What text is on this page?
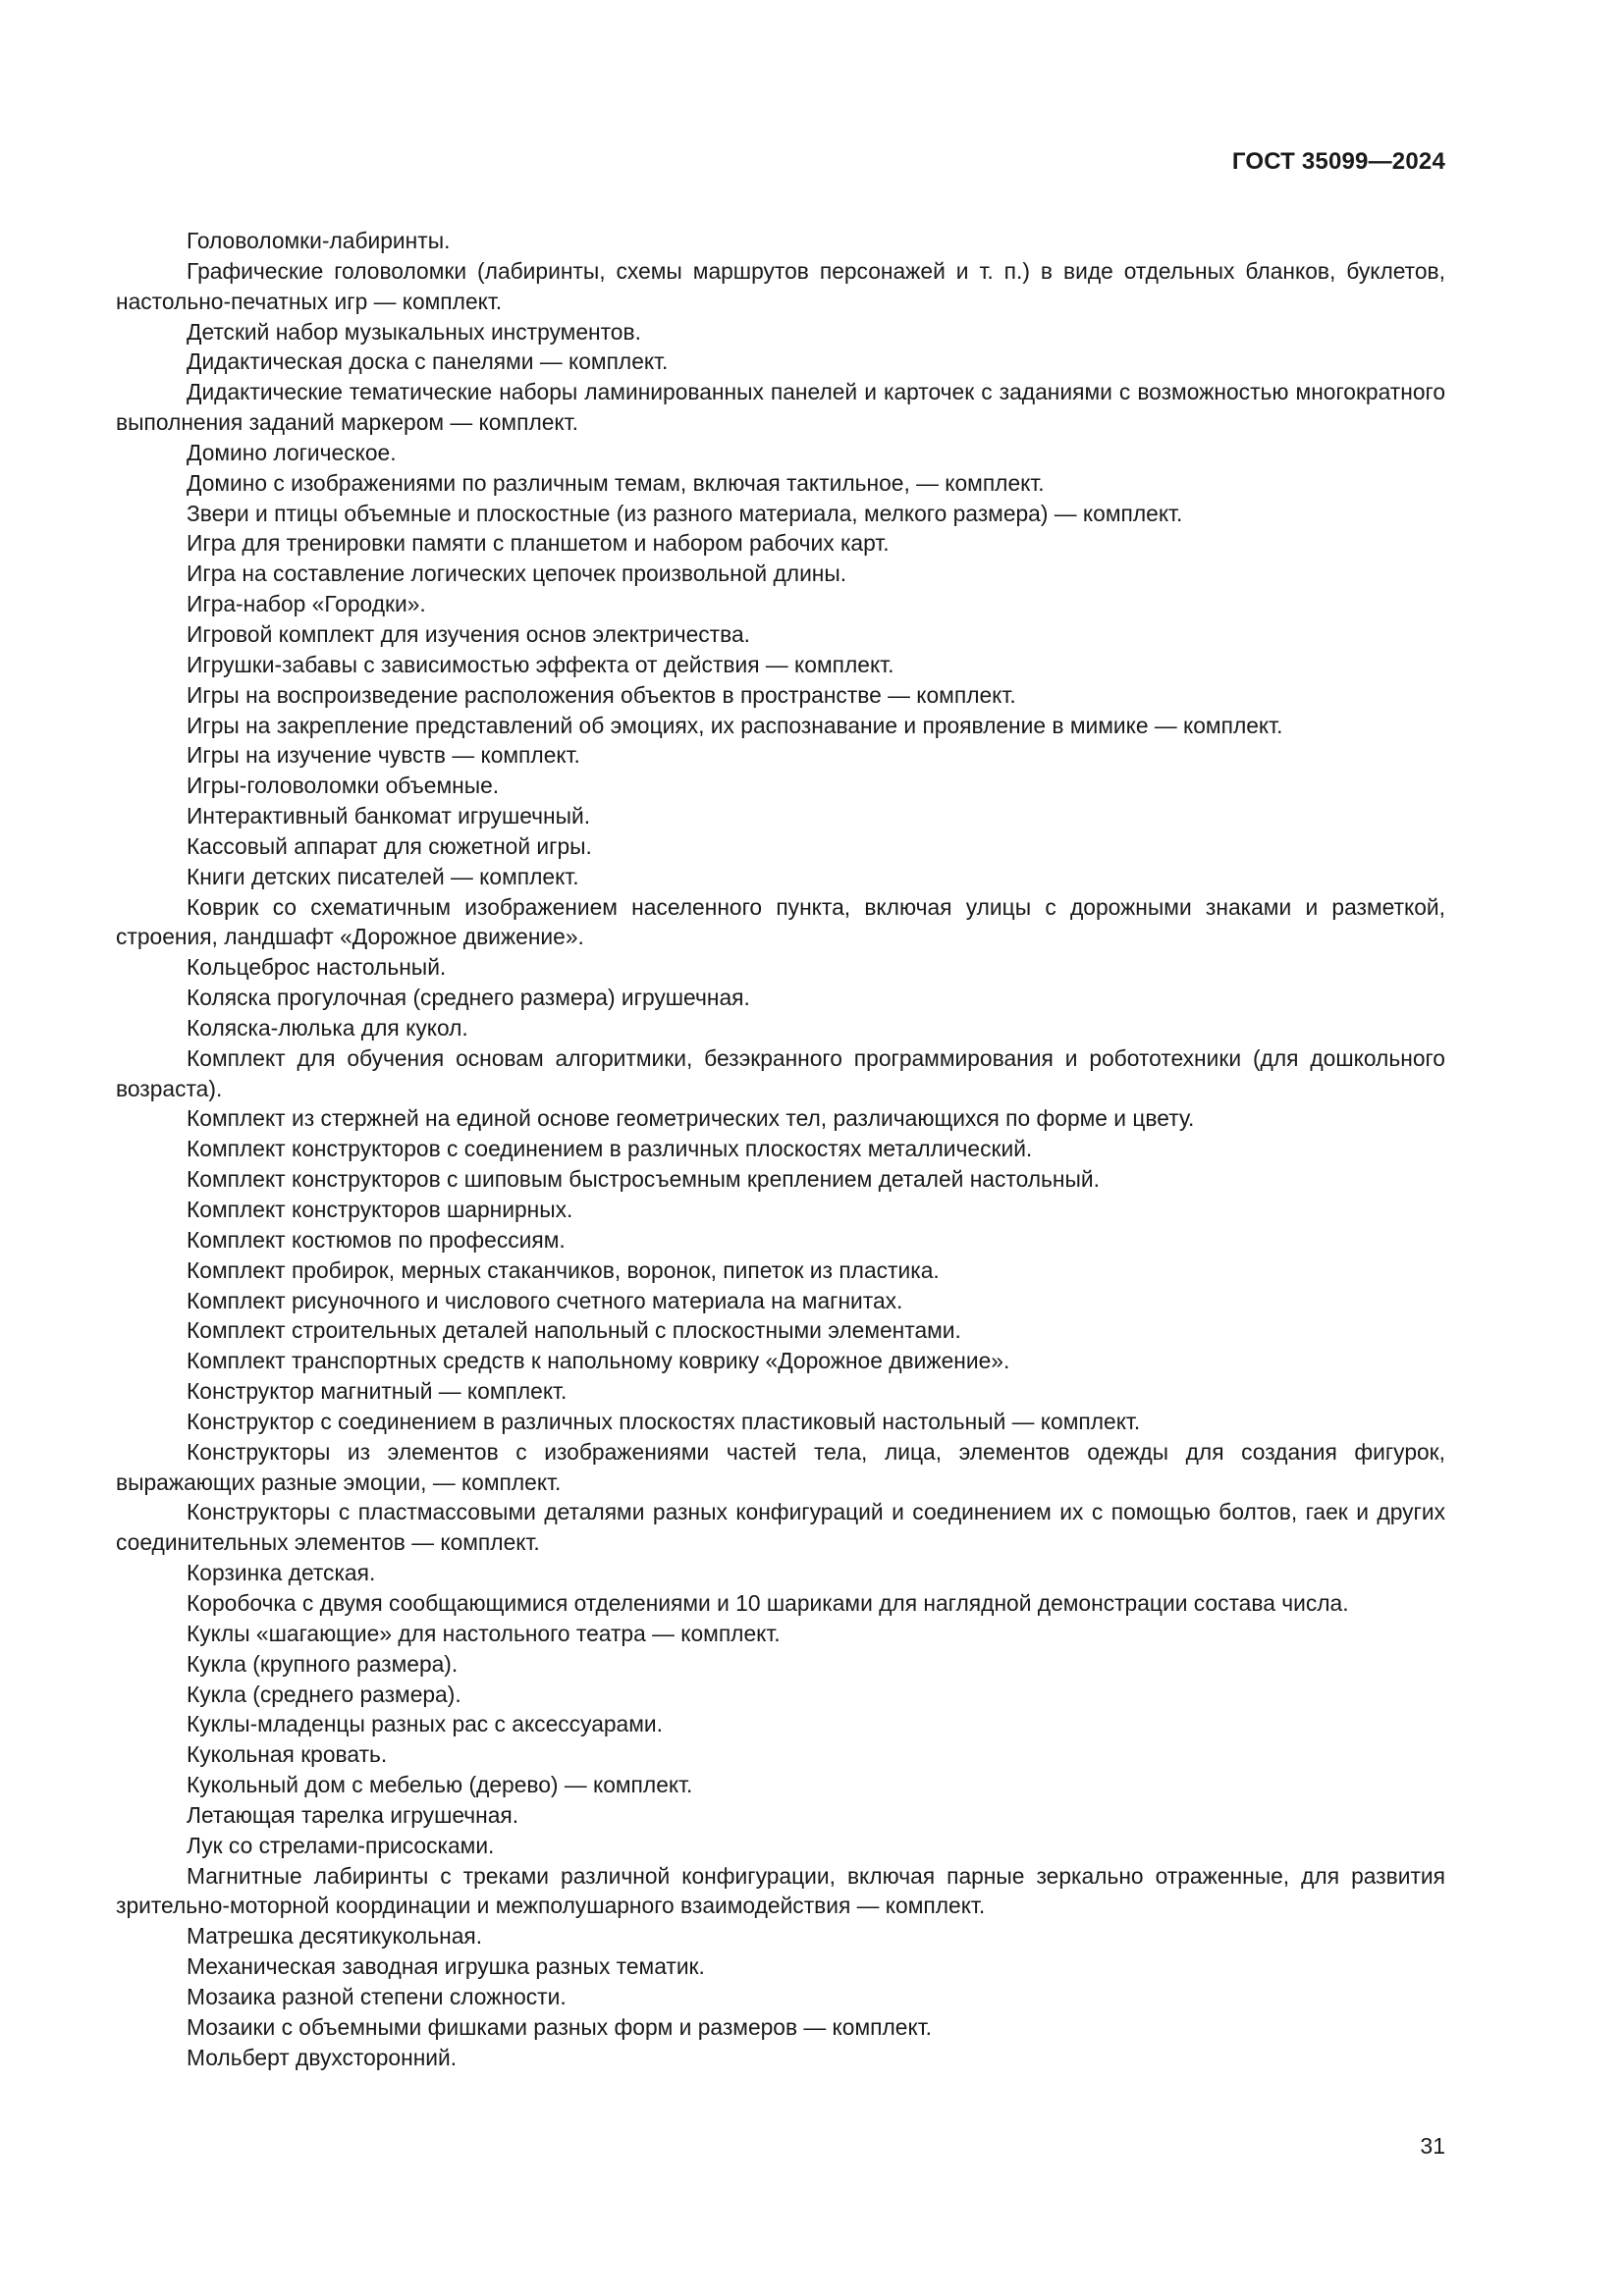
ГОСТ 35099—2024

Головоломки-лабиринты.

Графические головоломки (лабиринты, схемы маршрутов персонажей и т. п.) в виде отдельных бланков, буклетов, настольно-печатных игр — комплект.

Детский набор музыкальных инструментов.

Дидактическая доска с панелями — комплект.

Дидактические тематические наборы ламинированных панелей и карточек с заданиями с возможностью многократного выполнения заданий маркером — комплект.

Домино логическое.

Домино с изображениями по различным темам, включая тактильное, — комплект.

Звери и птицы объемные и плоскостные (из разного материала, мелкого размера) — комплект.

Игра для тренировки памяти с планшетом и набором рабочих карт.

Игра на составление логических цепочек произвольной длины.

Игра-набор «Городки».

Игровой комплект для изучения основ электричества.

Игрушки-забавы с зависимостью эффекта от действия — комплект.

Игры на воспроизведение расположения объектов в пространстве — комплект.

Игры на закрепление представлений об эмоциях, их распознавание и проявление в мимике — комплект.

Игры на изучение чувств — комплект.

Игры-головоломки объемные.

Интерактивный банкомат игрушечный.

Кассовый аппарат для сюжетной игры.

Книги детских писателей — комплект.

Коврик со схематичным изображением населенного пункта, включая улицы с дорожными знаками и разметкой, строения, ландшафт «Дорожное движение».

Кольцеброс настольный.

Коляска прогулочная (среднего размера) игрушечная.

Коляска-люлька для кукол.

Комплект для обучения основам алгоритмики, безэкранного программирования и робототехники (для дошкольного возраста).

Комплект из стержней на единой основе геометрических тел, различающихся по форме и цвету.

Комплект конструкторов с соединением в различных плоскостях металлический.

Комплект конструкторов с шиповым быстросъемным креплением деталей настольный.

Комплект конструкторов шарнирных.

Комплект костюмов по профессиям.

Комплект пробирок, мерных стаканчиков, воронок, пипеток из пластика.

Комплект рисуночного и числового счетного материала на магнитах.

Комплект строительных деталей напольный с плоскостными элементами.

Комплект транспортных средств к напольному коврику «Дорожное движение».

Конструктор магнитный — комплект.

Конструктор с соединением в различных плоскостях пластиковый настольный — комплект.

Конструкторы из элементов с изображениями частей тела, лица, элементов одежды для создания фигурок, выражающих разные эмоции, — комплект.

Конструкторы с пластмассовыми деталями разных конфигураций и соединением их с помощью болтов, гаек и других соединительных элементов — комплект.

Корзинка детская.

Коробочка с двумя сообщающимися отделениями и 10 шариками для наглядной демонстрации состава числа.

Куклы «шагающие» для настольного театра — комплект.

Кукла (крупного размера).

Кукла (среднего размера).

Куклы-младенцы разных рас с аксессуарами.

Кукольная кровать.

Кукольный дом с мебелью (дерево) — комплект.

Летающая тарелка игрушечная.

Лук со стрелами-присосками.

Магнитные лабиринты с треками различной конфигурации, включая парные зеркально отраженные, для развития зрительно-моторной координации и межполушарного взаимодействия — комплект.

Матрешка десятикукольная.

Механическая заводная игрушка разных тематик.

Мозаика разной степени сложности.

Мозаики с объемными фишками разных форм и размеров — комплект.

Мольберт двухсторонний.

31
